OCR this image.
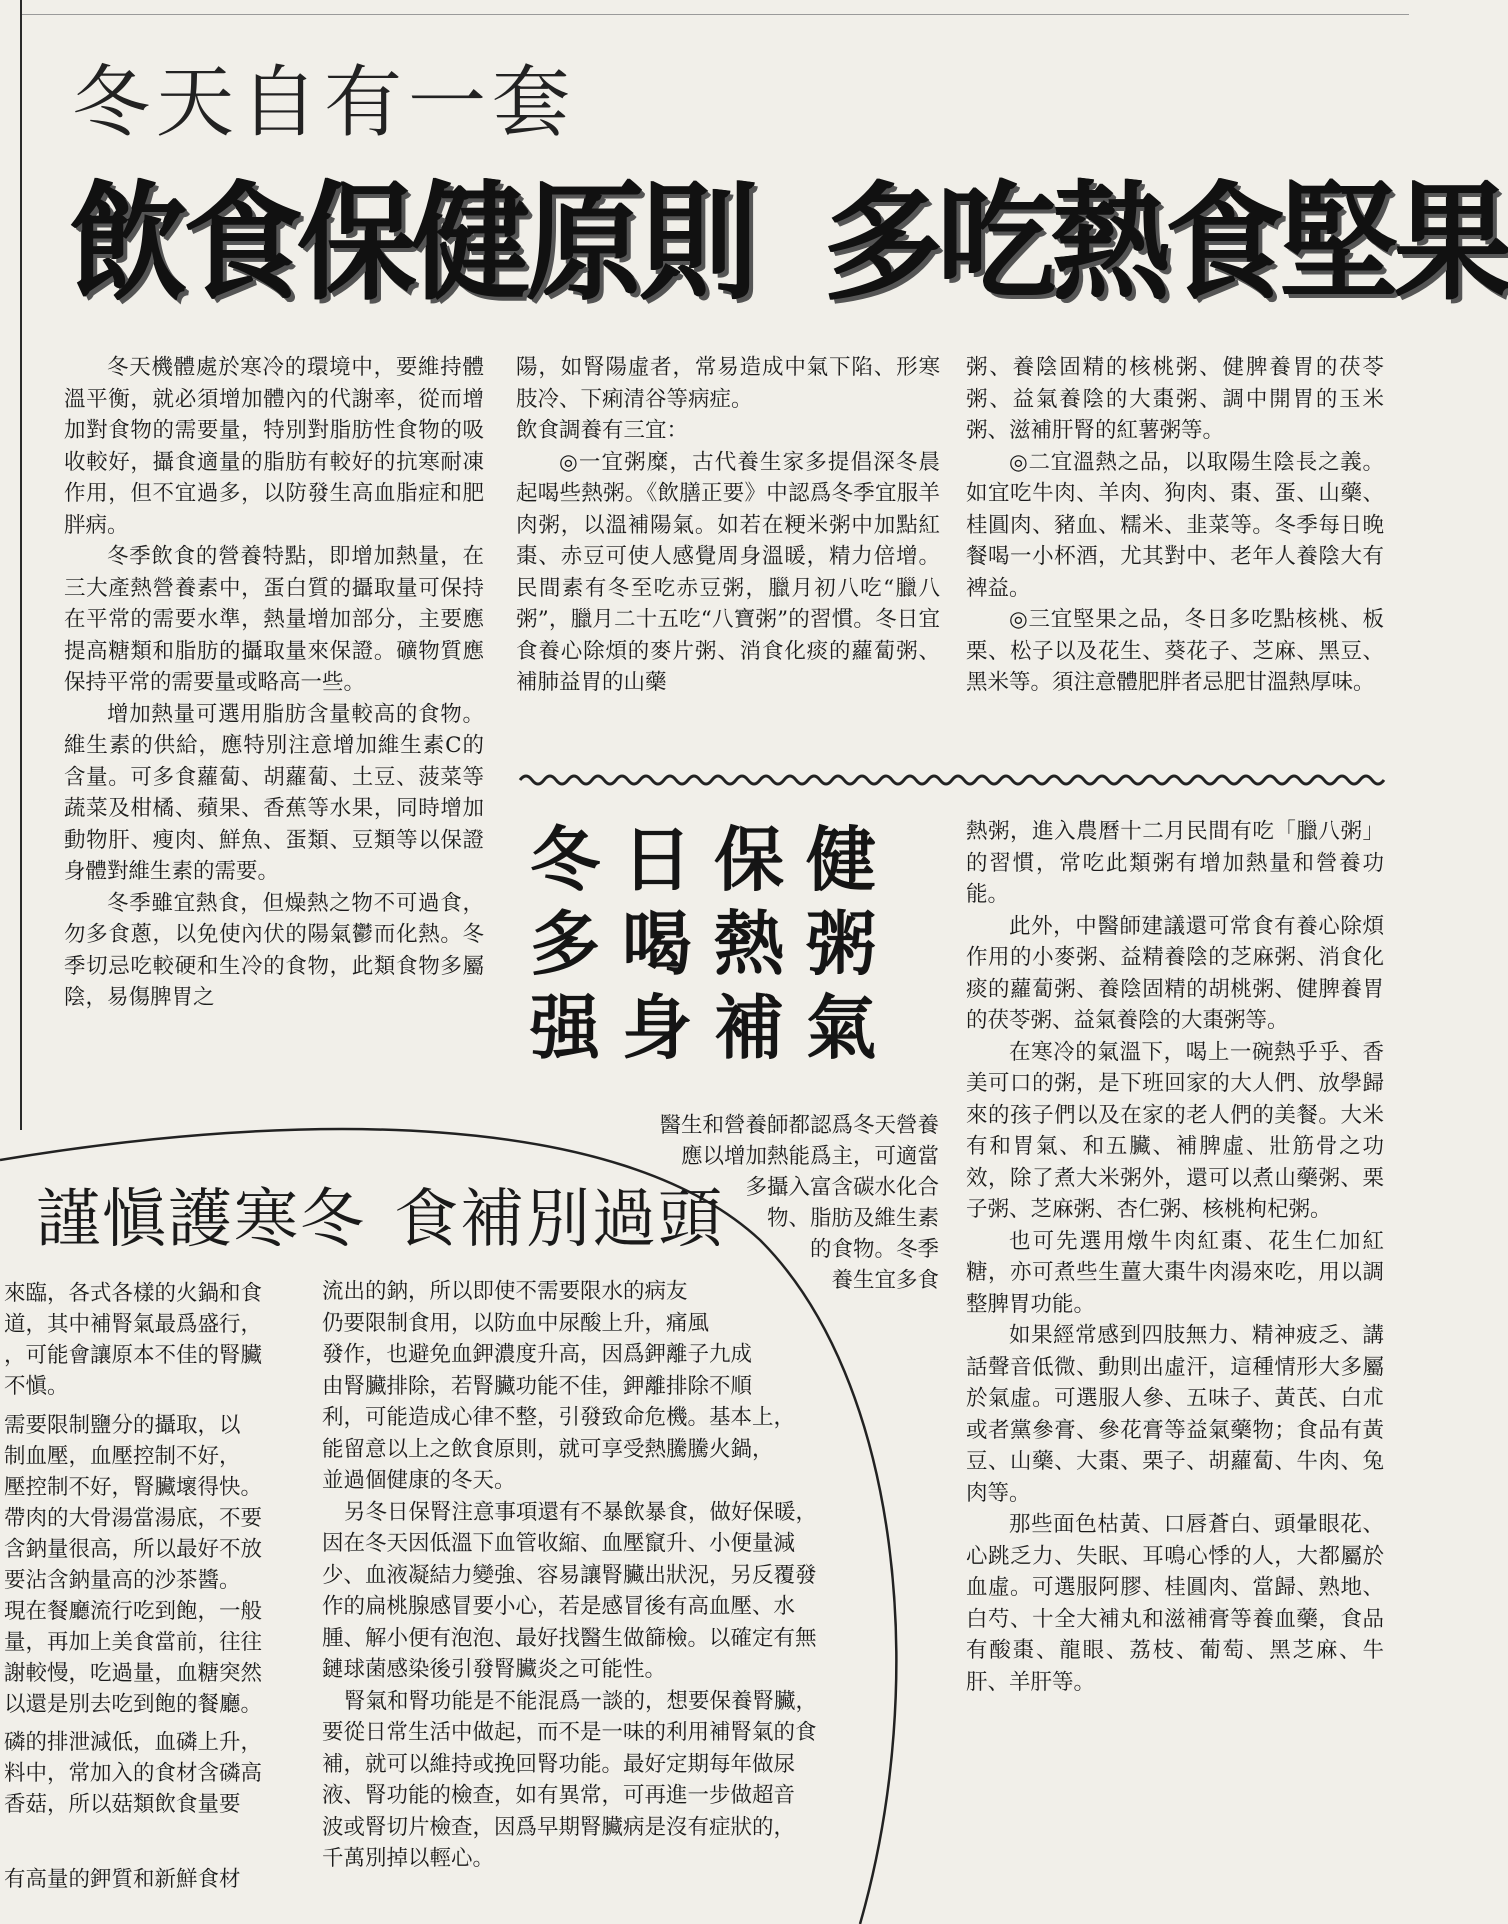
冬天自有一套
飲食保健原則 多吃熱食堅果

冬天機體處於寒冷的環境中，要維持體溫平衡，就必須增加體內的代謝率，從而增加對食物的需要量，特別對脂肪性食物的吸收較好，攝食適量的脂肪有較好的抗寒耐凍作用，但不宜過多，以防發生高血脂症和肥胖病。

冬季飲食的營養特點，即增加熱量，在三大產熱營養素中，蛋白質的攝取量可保持在平常的需要水準，熱量增加部分，主要應提高糖類和脂肪的攝取量來保證。礦物質應保持平常的需要量或略高一些。

增加熱量可選用脂肪含量較高的食物。維生素的供給，應特別注意增加維生素C的含量。可多食蘿蔔、胡蘿蔔、土豆、菠菜等蔬菜及柑橘、蘋果、香蕉等水果，同時增加動物肝、瘦肉、鮮魚、蛋類、豆類等以保證身體對維生素的需要。

冬季雖宜熱食，但燥熱之物不可過食，勿多食蔥，以免使內伏的陽氣鬱而化熱。冬季切忌吃較硬和生冷的食物，此類食物多屬陰，易傷脾胃之

陽，如腎陽虛者，常易造成中氣下陷、形寒肢冷、下痢清谷等病症。

飲食調養有三宜：

◎一宜粥糜，古代養生家多提倡深冬晨起喝些熱粥。《飲膳正要》中認爲冬季宜服羊肉粥，以溫補陽氣。如若在粳米粥中加點紅棗、赤豆可使人感覺周身溫暖，精力倍增。民間素有冬至吃赤豆粥，臘月初八吃“臘八粥”，臘月二十五吃“八寶粥”的習慣。冬日宜食養心除煩的麥片粥、消食化痰的蘿蔔粥、補肺益胃的山藥

粥、養陰固精的核桃粥、健脾養胃的茯苓粥、益氣養陰的大棗粥、調中開胃的玉米粥、滋補肝腎的紅薯粥等。

◎二宜溫熱之品，以取陽生陰長之義。如宜吃牛肉、羊肉、狗肉、棗、蛋、山藥、桂圓肉、豬血、糯米、韭菜等。冬季每日晚餐喝一小杯酒，尤其對中、老年人養陰大有裨益。

◎三宜堅果之品，冬日多吃點核桃、板栗、松子以及花生、葵花子、芝麻、黑豆、黑米等。須注意體肥胖者忌肥甘溫熱厚味。

冬日保健
多喝熱粥
强身補氣
醫生和營養師都認爲冬天營養
應以增加熱能爲主，可適當
多攝入富含碳水化合
物、脂肪及維生素
的食物。冬季
養生宜多食

熱粥，進入農曆十二月民間有吃「臘八粥」的習慣，常吃此類粥有增加熱量和營養功能。

此外，中醫師建議還可常食有養心除煩作用的小麥粥、益精養陰的芝麻粥、消食化痰的蘿蔔粥、養陰固精的胡桃粥、健脾養胃的茯苓粥、益氣養陰的大棗粥等。

在寒冷的氣溫下，喝上一碗熱乎乎、香美可口的粥，是下班回家的大人們、放學歸來的孩子們以及在家的老人們的美餐。大米有和胃氣、和五臟、補脾虛、壯筋骨之功效，除了煮大米粥外，還可以煮山藥粥、栗子粥、芝麻粥、杏仁粥、核桃枸杞粥。

也可先選用燉牛肉紅棗、花生仁加紅糖，亦可煮些生薑大棗牛肉湯來吃，用以調整脾胃功能。

如果經常感到四肢無力、精神疲乏、講話聲音低微、動則出虛汗，這種情形大多屬於氣虛。可選服人參、五味子、黃芪、白朮或者黨參膏、參花膏等益氣藥物；食品有黃豆、山藥、大棗、栗子、胡蘿蔔、牛肉、兔肉等。

那些面色枯黃、口唇蒼白、頭暈眼花、心跳乏力、失眠、耳鳴心悸的人，大都屬於血虛。可選服阿膠、桂圓肉、當歸、熟地、白芍、十全大補丸和滋補膏等養血藥，食品有酸棗、龍眼、荔枝、葡萄、黑芝麻、牛肝、羊肝等。

謹愼護寒冬 食補別過頭
來臨，各式各樣的火鍋和食
道，其中補腎氣最爲盛行，
，可能會讓原本不佳的腎臟
不愼。
需要限制鹽分的攝取，以
制血壓，血壓控制不好，
壓控制不好，腎臟壞得快。
帶肉的大骨湯當湯底，不要
含鈉量很高，所以最好不放
要沾含鈉量高的沙茶醬。
現在餐廳流行吃到飽，一般
量，再加上美食當前，往往
謝較慢，吃過量，血糖突然
以還是別去吃到飽的餐廳。
磷的排泄減低，血磷上升，
料中，常加入的食材含磷高
香菇，所以菇類飲食量要
有高量的鉀質和新鮮食材
流出的鈉，所以即使不需要限水的病友
仍要限制食用，以防血中尿酸上升，痛風
發作，也避免血鉀濃度升高，因爲鉀離子九成
由腎臟排除，若腎臟功能不佳，鉀離排除不順
利，可能造成心律不整，引發致命危機。基本上，
能留意以上之飲食原則，就可享受熱騰騰火鍋，
並過個健康的冬天。
另冬日保腎注意事項還有不暴飲暴食，做好保暖，
因在冬天因低溫下血管收縮、血壓竄升、小便量減
少、血液凝結力變強、容易讓腎臟出狀況，另反覆發
作的扁桃腺感冒要小心，若是感冒後有高血壓、水
腫、解小便有泡泡、最好找醫生做篩檢。以確定有無
鏈球菌感染後引發腎臟炎之可能性。
腎氣和腎功能是不能混爲一談的，想要保養腎臟，
要從日常生活中做起，而不是一味的利用補腎氣的食
補，就可以維持或挽回腎功能。最好定期每年做尿
液、腎功能的檢查，如有異常，可再進一步做超音
波或腎切片檢查，因爲早期腎臟病是沒有症狀的，
千萬別掉以輕心。
